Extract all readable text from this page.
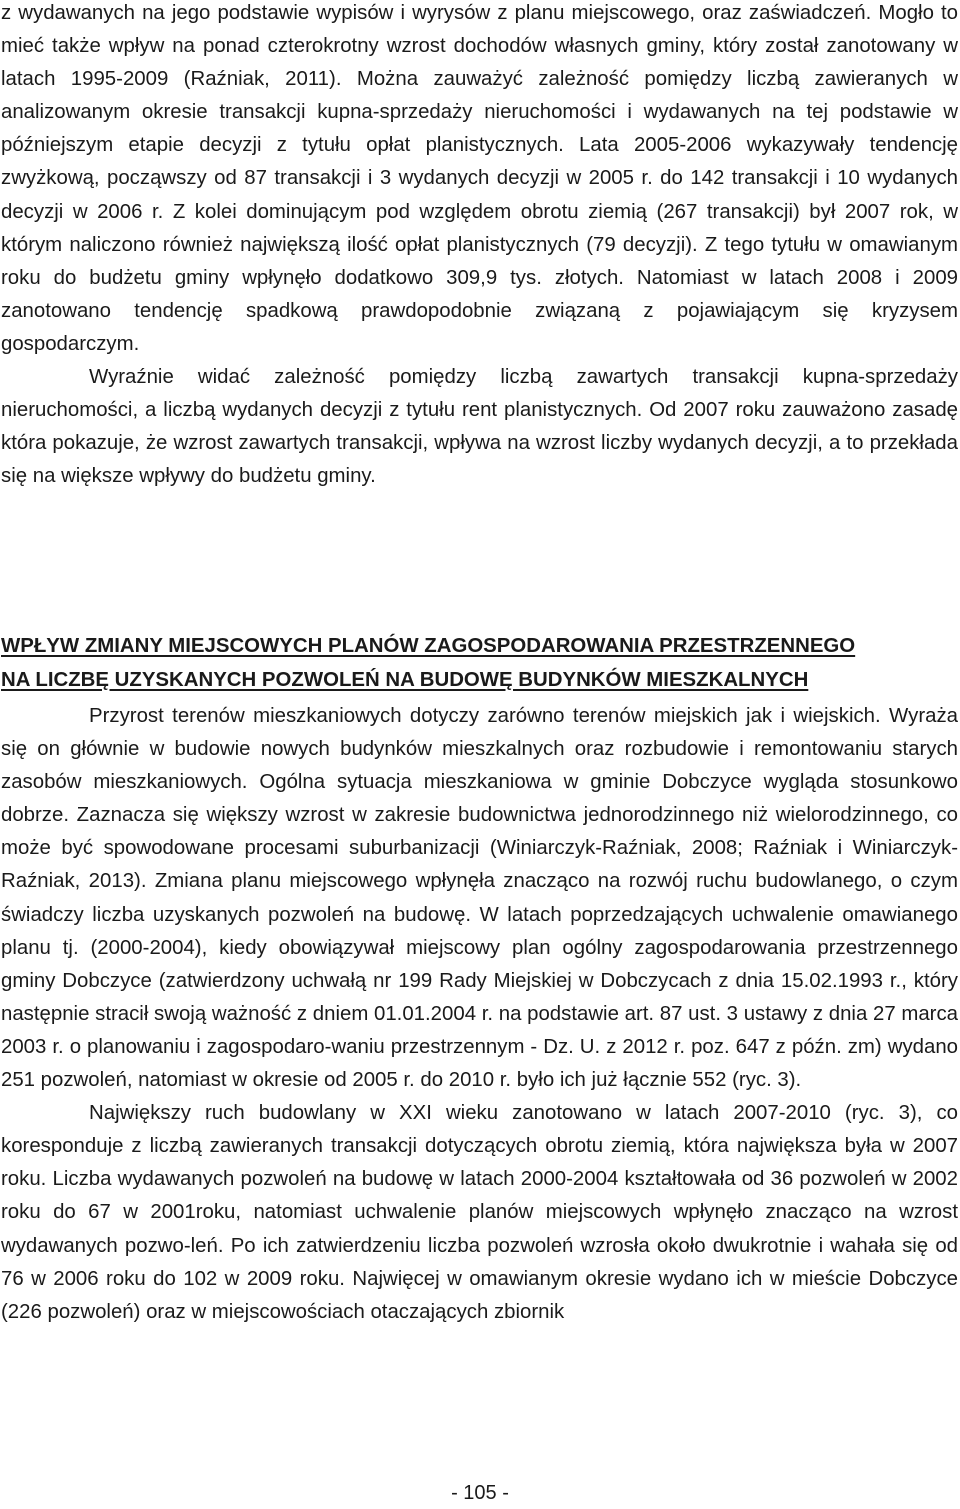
z wydawanych na jego podstawie wypisów i wyrysów z planu miejscowego, oraz zaświadczeń. Mogło to mieć także wpływ na ponad czterokrotny wzrost dochodów własnych gminy, który został zanotowany w latach 1995-2009 (Raźniak, 2011). Można zauważyć zależność pomiędzy liczbą zawieranych w analizowanym okresie transakcji kupna-sprzedaży nieruchomości i wydawanych na tej podstawie w późniejszym etapie decyzji z tytułu opłat planistycznych. Lata 2005-2006 wykazywały tendencję zwyżkową, począwszy od 87 transakcji i 3 wydanych decyzji w 2005 r. do 142 transakcji i 10 wydanych decyzji w 2006 r. Z kolei dominującym pod względem obrotu ziemią (267 transakcji) był 2007 rok, w którym naliczono również największą ilość opłat planistycznych (79 decyzji). Z tego tytułu w omawianym roku do budżetu gminy wpłynęło dodatkowo 309,9 tys. złotych. Natomiast w latach 2008 i 2009 zanotowano tendencję spadkową prawdopodobnie związaną z pojawiającym się kryzysem gospodarczym.

Wyraźnie widać zależność pomiędzy liczbą zawartych transakcji kupna-sprzedaży nieruchomości, a liczbą wydanych decyzji z tytułu rent planistycznych. Od 2007 roku zauważono zasadę która pokazuje, że wzrost zawartych transakcji, wpływa na wzrost liczby wydanych decyzji, a to przekłada się na większe wpływy do budżetu gminy.

WPŁYW ZMIANY MIEJSCOWYCH PLANÓW ZAGOSPODAROWANIA PRZESTRZENNEGO

NA LICZBĘ UZYSKANYCH POZWOLEŃ NA BUDOWĘ BUDYNKÓW MIESZKALNYCH

Przyrost terenów mieszkaniowych dotyczy zarówno terenów miejskich jak i wiejskich. Wyraża się on głównie w budowie nowych budynków mieszkalnych oraz rozbudowie i remontowaniu starych zasobów mieszkaniowych. Ogólna sytuacja mieszkaniowa w gminie Dobczyce wygląda stosunkowo dobrze. Zaznacza się większy wzrost w zakresie budownictwa jednorodzinnego niż wielorodzinnego, co może być spowodowane procesami suburbanizacji (Winiarczyk-Raźniak, 2008; Raźniak i Winiarczyk-Raźniak, 2013). Zmiana planu miejscowego wpłynęła znacząco na rozwój ruchu budowlanego, o czym świadczy liczba uzyskanych pozwoleń na budowę. W latach poprzedzających uchwalenie omawianego planu tj. (2000-2004), kiedy obowiązywał miejscowy plan ogólny zagospodarowania przestrzennego gminy Dobczyce (zatwierdzony uchwałą nr 199 Rady Miejskiej w Dobczycach z dnia 15.02.1993 r., który następnie stracił swoją ważność z dniem 01.01.2004 r. na podstawie art. 87 ust. 3 ustawy z dnia 27 marca 2003 r. o planowaniu i zagospodaro-waniu przestrzennym - Dz. U. z 2012 r. poz. 647 z późn. zm) wydano 251 pozwoleń, natomiast w okresie od 2005 r. do 2010 r. było ich już łącznie 552 (ryc. 3).

Największy ruch budowlany w XXI wieku zanotowano w latach 2007-2010 (ryc. 3), co koresponduje z liczbą zawieranych transakcji dotyczących obrotu ziemią, która największa była w 2007 roku. Liczba wydawanych pozwoleń na budowę w latach 2000-2004 kształtowała od 36 pozwoleń w 2002 roku do 67 w 2001roku, natomiast uchwalenie planów miejscowych wpłynęło znacząco na wzrost wydawanych pozwo-leń. Po ich zatwierdzeniu liczba pozwoleń wzrosła około dwukrotnie i wahała się od 76 w 2006 roku do 102 w 2009 roku. Najwięcej w omawianym okresie wydano ich w mieście Dobczyce (226 pozwoleń) oraz w miejscowościach otaczających zbiornik

- 105 -
